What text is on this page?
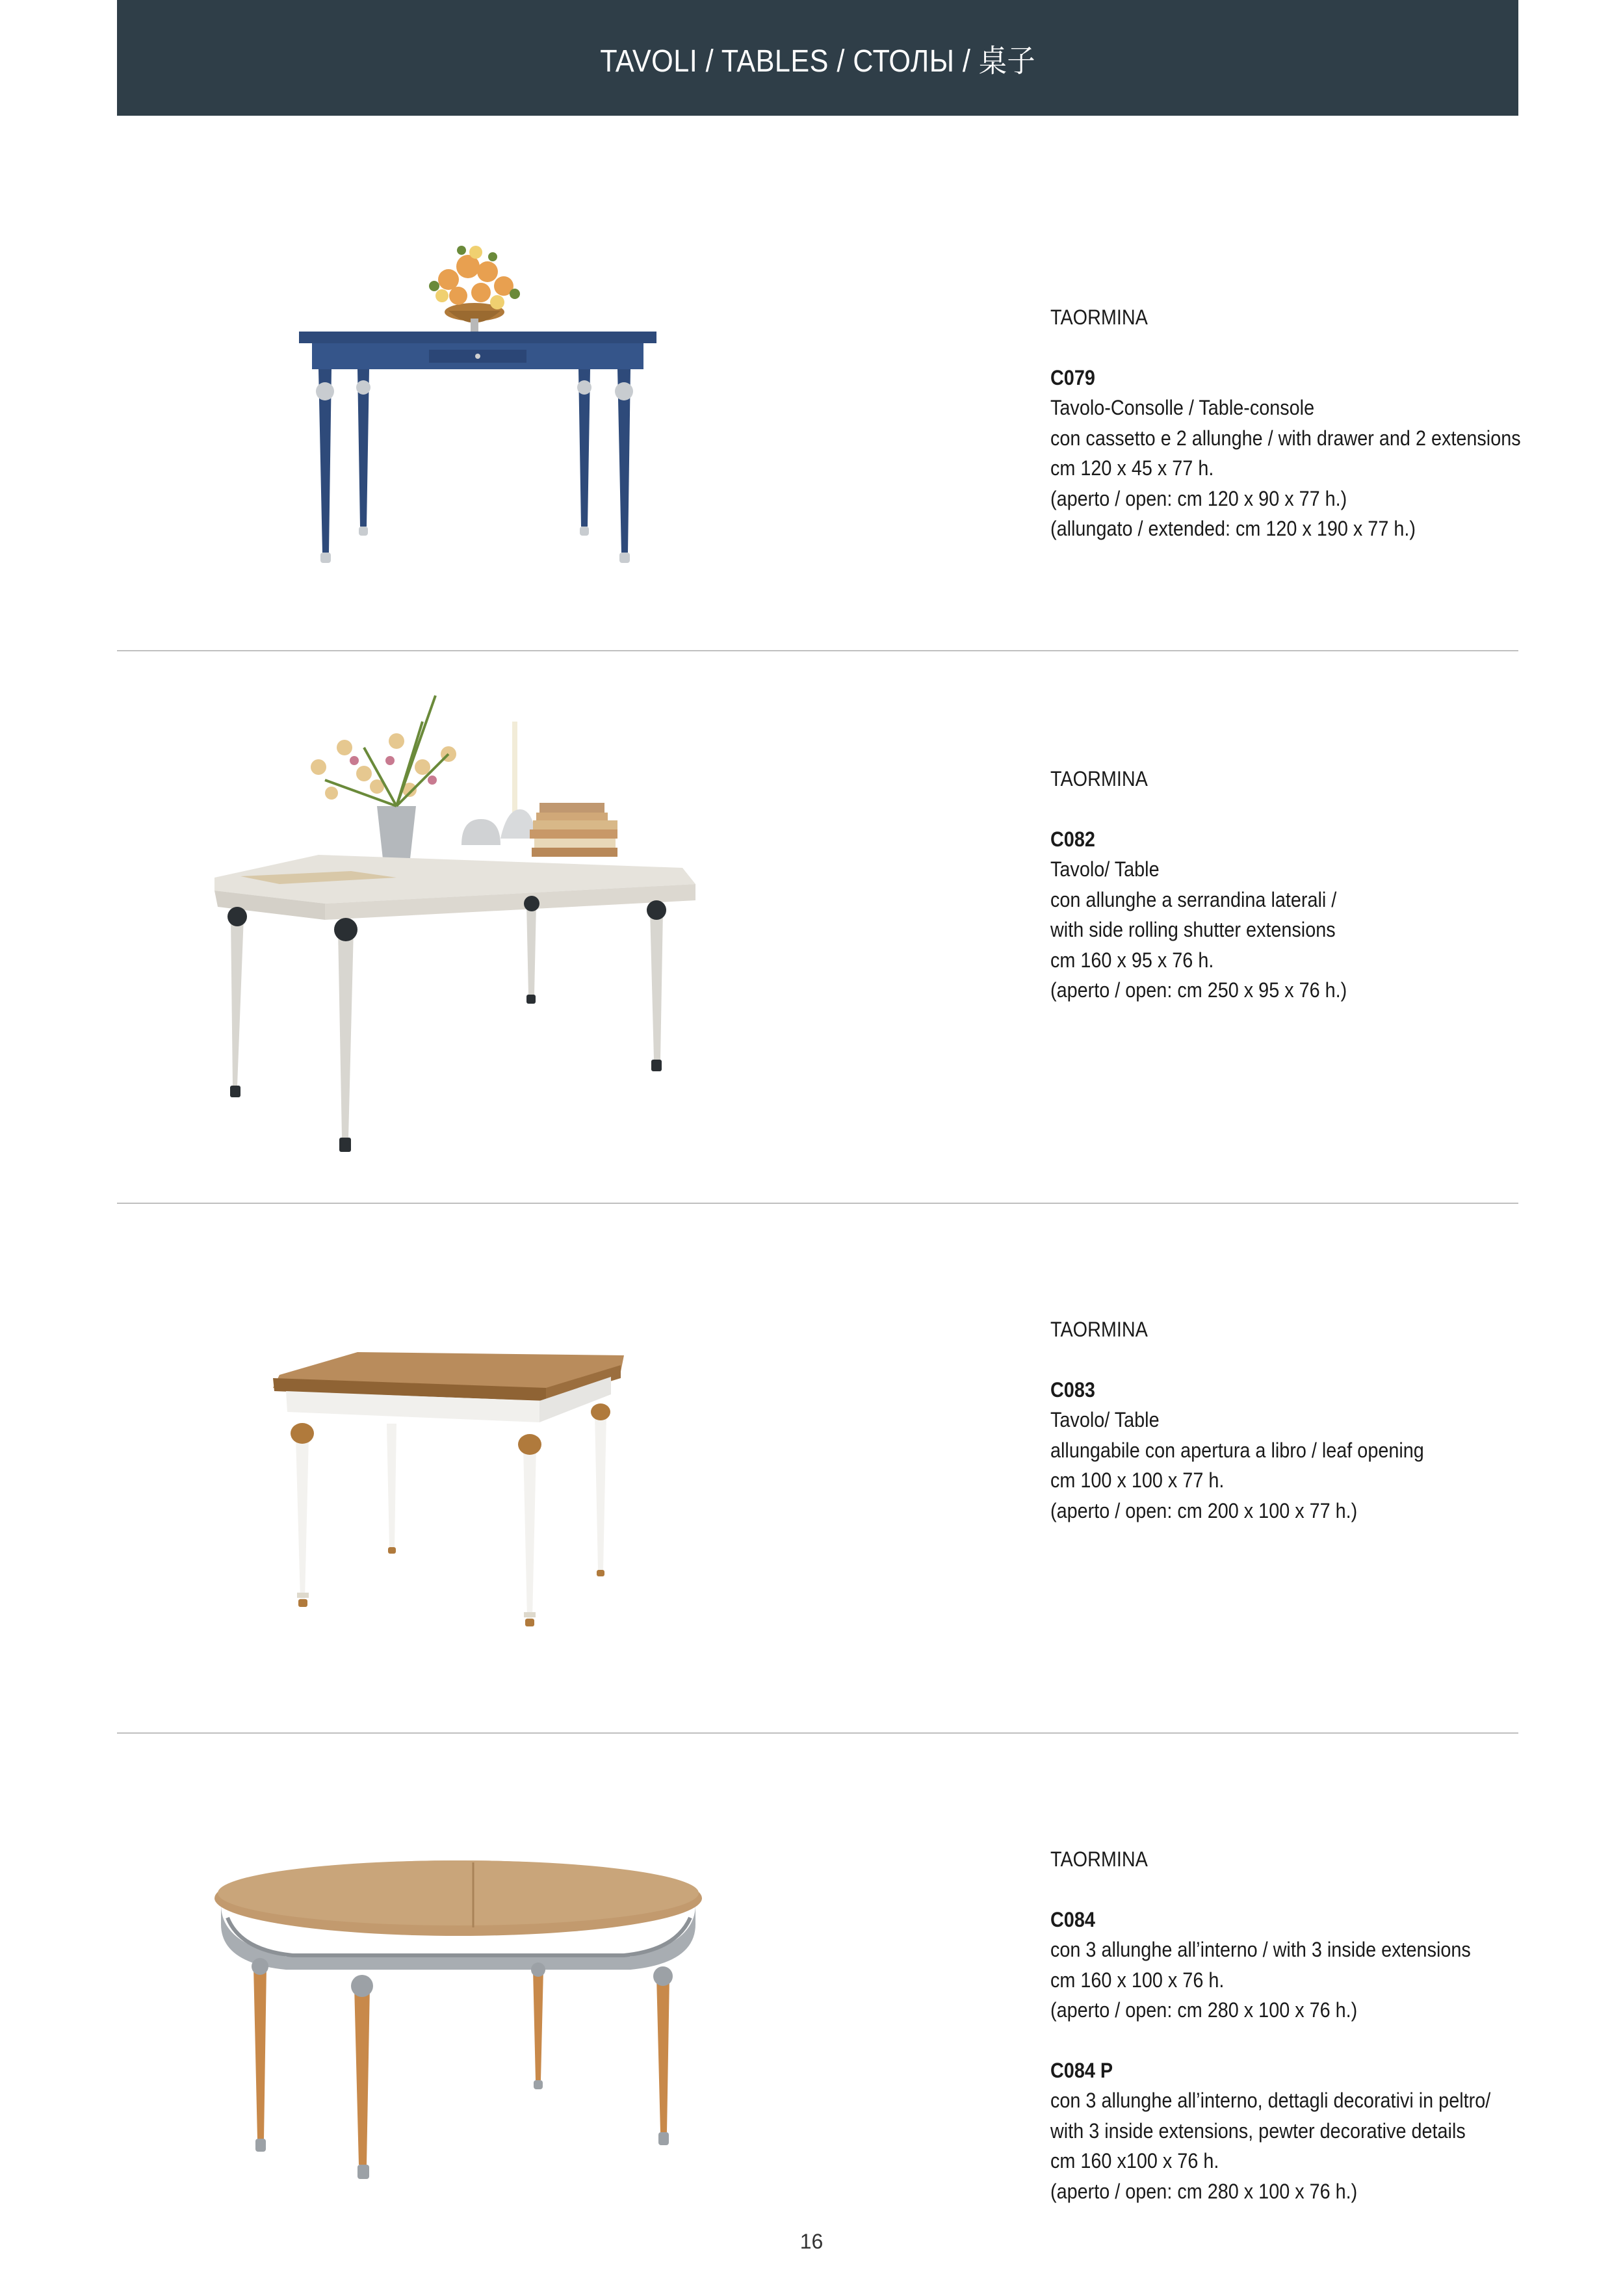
TAVOLI / TABLES / СТОЛЫ / 桌子
TAORMINA
C079
Tavolo-Consolle / Table-console
con cassetto e 2 allunghe / with drawer and 2 extensions
cm 120 x 45 x 77 h.
(aperto / open: cm 120 x 90 x 77 h.)
(allungato / extended: cm 120 x 190 x 77 h.)
TAORMINA
C082
Tavolo/ Table
con allunghe a serrandina laterali /
with side rolling shutter extensions
cm 160 x 95 x 76 h.
(aperto / open: cm 250 x 95 x 76 h.)
TAORMINA
C083
Tavolo/ Table
allungabile con apertura a libro / leaf opening
cm 100 x 100 x 77 h.
(aperto / open: cm 200 x 100 x 77 h.)
TAORMINA
C084
con 3 allunghe all’interno / with 3 inside extensions
cm 160 x 100 x 76 h.
(aperto / open: cm 280 x 100 x 76 h.)
C084 P
con 3 allunghe all’interno, dettagli decorativi in peltro/
with 3 inside extensions, pewter decorative details
cm 160 x100 x 76 h.
(aperto / open: cm 280 x 100 x 76 h.)
16
